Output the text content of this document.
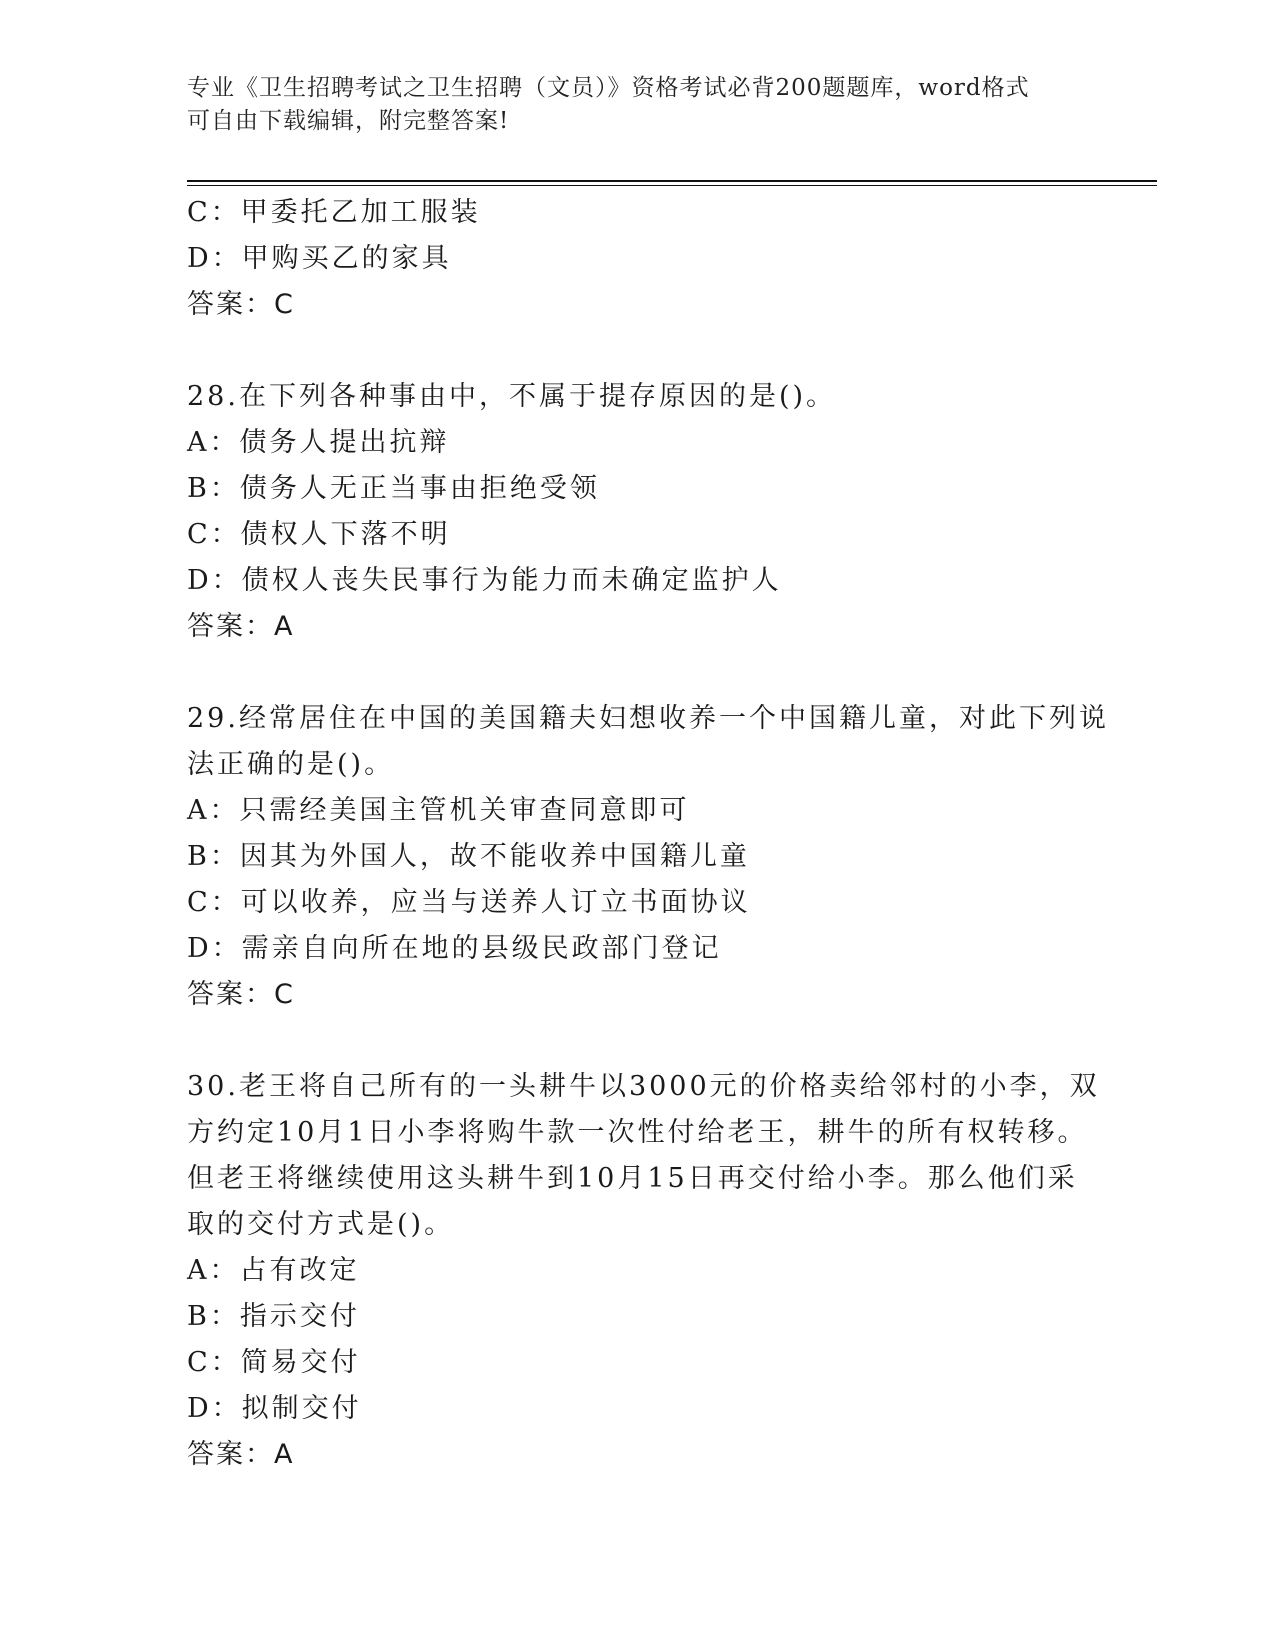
专业《卫生招聘考试之卫生招聘（文员）》资格考试必背200题题库，word格式
可自由下载编辑，附完整答案!
C：甲委托乙加工服装
D：甲购买乙的家具
答案：C
28.在下列各种事由中，不属于提存原因的是()。
A：债务人提出抗辩
B：债务人无正当事由拒绝受领
C：债权人下落不明
D：债权人丧失民事行为能力而未确定监护人
答案：A
29.经常居住在中国的美国籍夫妇想收养一个中国籍儿童，对此下列说
法正确的是()。
A：只需经美国主管机关审查同意即可
B：因其为外国人，故不能收养中国籍儿童
C：可以收养，应当与送养人订立书面协议
D：需亲自向所在地的县级民政部门登记
答案：C
30.老王将自己所有的一头耕牛以3000元的价格卖给邻村的小李，双
方约定10月1日小李将购牛款一次性付给老王，耕牛的所有权转移。
但老王将继续使用这头耕牛到10月15日再交付给小李。那么他们采
取的交付方式是()。
A：占有改定
B：指示交付
C：简易交付
D：拟制交付
答案：A
